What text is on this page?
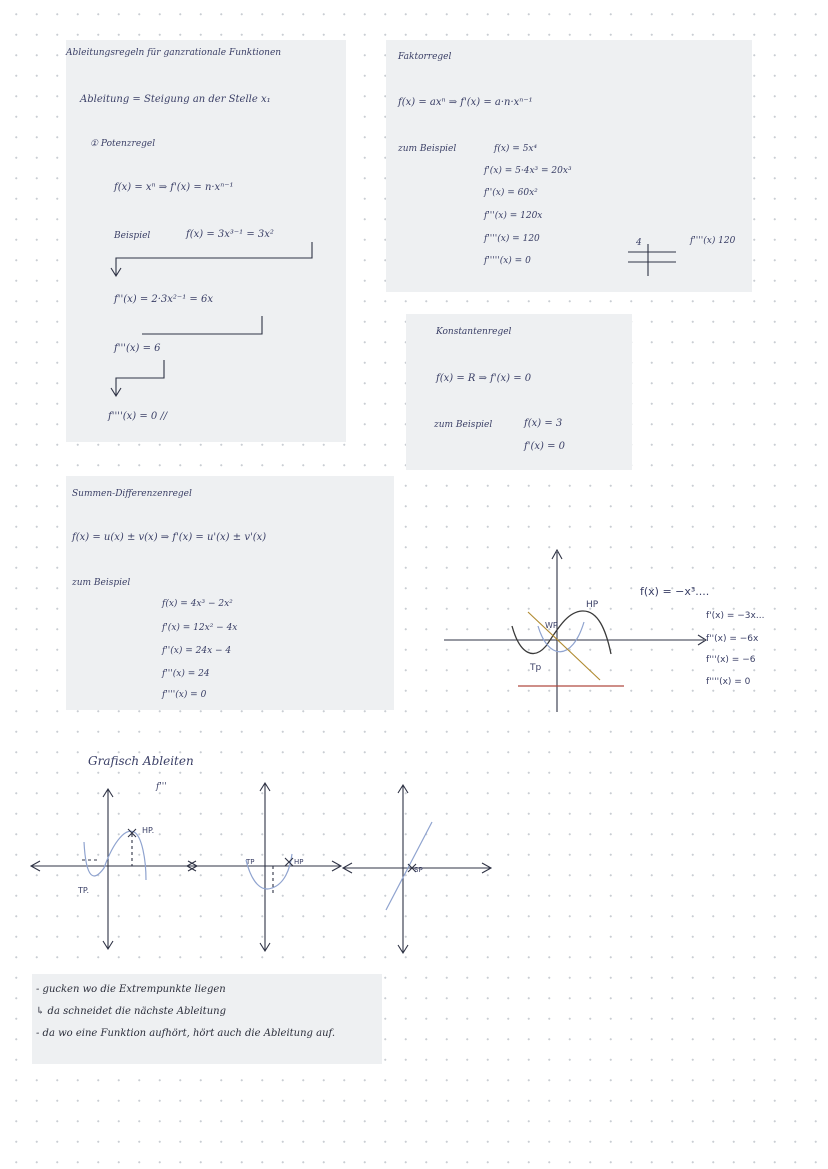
Ableitungsregeln für ganzrationale Funktionen
Ableitung = Steigung an der Stelle x₁
① Potenzregel
f(x) = xⁿ ⇒ f'(x) = n·xⁿ⁻¹
Beispiel	f(x) = 3x³⁻¹ = 3x²
f''(x) = 2·3x²⁻¹ = 6x
f'''(x) = 6
f''''(x) = 0 //
Faktorregel
f(x) = axⁿ ⇒ f'(x) = a·n·xⁿ⁻¹
zum Beispiel	f(x) = 5x⁴
f'(x) = 5·4x³ = 20x³
f''(x) = 60x²
f'''(x) = 120x
f''''(x) = 120
f'''''(x) = 0
4	f''''(x) 120
Konstantenregel
f(x) = R ⇒ f'(x) = 0
zum Beispiel	f(x) = 3
f'(x) = 0
Summen-Differenzenregel
f(x) = u(x) ± v(x) ⇒ f'(x) = u'(x) ± v'(x)
zum Beispiel
f(x) = 4x³ − 2x²
f'(x) = 12x² − 4x
f''(x) = 24x − 4
f'''(x) = 24
f''''(x) = 0
HP
WP
Tp
f(x) = −x³....
f'(x) = −3x...
f''(x) = −6x
f'''(x) = −6
f''''(x) = 0
Grafisch Ableiten
f'''
HP.
TP.
TP	HP
SP
- gucken wo die Extrempunkte liegen
↳ da schneidet die nächste Ableitung
- da wo eine Funktion aufhört, hört auch die Ableitung auf.
